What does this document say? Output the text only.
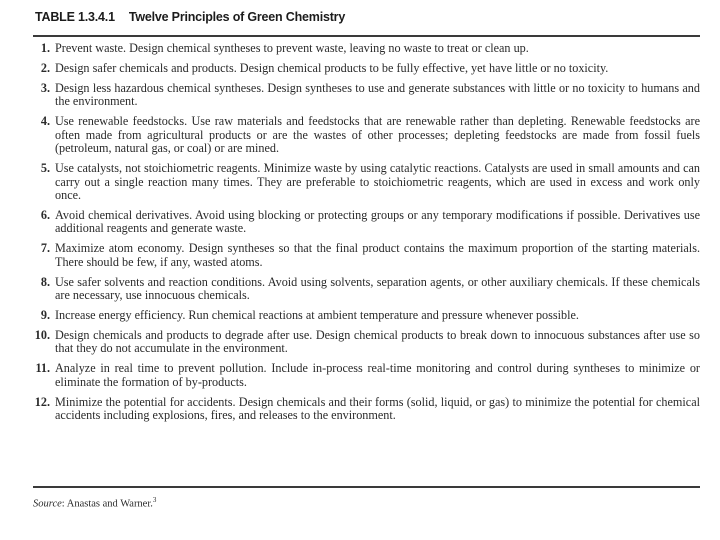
TABLE 1.3.4.1 Twelve Principles of Green Chemistry
1. Prevent waste. Design chemical syntheses to prevent waste, leaving no waste to treat or clean up.
2. Design safer chemicals and products. Design chemical products to be fully effective, yet have little or no toxicity.
3. Design less hazardous chemical syntheses. Design syntheses to use and generate substances with little or no toxicity to humans and the environment.
4. Use renewable feedstocks. Use raw materials and feedstocks that are renewable rather than depleting. Renewable feedstocks are often made from agricultural products or are the wastes of other processes; depleting feedstocks are made from fossil fuels (petroleum, natural gas, or coal) or are mined.
5. Use catalysts, not stoichiometric reagents. Minimize waste by using catalytic reactions. Catalysts are used in small amounts and can carry out a single reaction many times. They are preferable to stoichiometric reagents, which are used in excess and work only once.
6. Avoid chemical derivatives. Avoid using blocking or protecting groups or any temporary modifications if possible. Derivatives use additional reagents and generate waste.
7. Maximize atom economy. Design syntheses so that the final product contains the maximum proportion of the starting materials. There should be few, if any, wasted atoms.
8. Use safer solvents and reaction conditions. Avoid using solvents, separation agents, or other auxiliary chemicals. If these chemicals are necessary, use innocuous chemicals.
9. Increase energy efficiency. Run chemical reactions at ambient temperature and pressure whenever possible.
10. Design chemicals and products to degrade after use. Design chemical products to break down to innocuous substances after use so that they do not accumulate in the environment.
11. Analyze in real time to prevent pollution. Include in-process real-time monitoring and control during syntheses to minimize or eliminate the formation of by-products.
12. Minimize the potential for accidents. Design chemicals and their forms (solid, liquid, or gas) to minimize the potential for chemical accidents including explosions, fires, and releases to the environment.
Source: Anastas and Warner.$^3$
